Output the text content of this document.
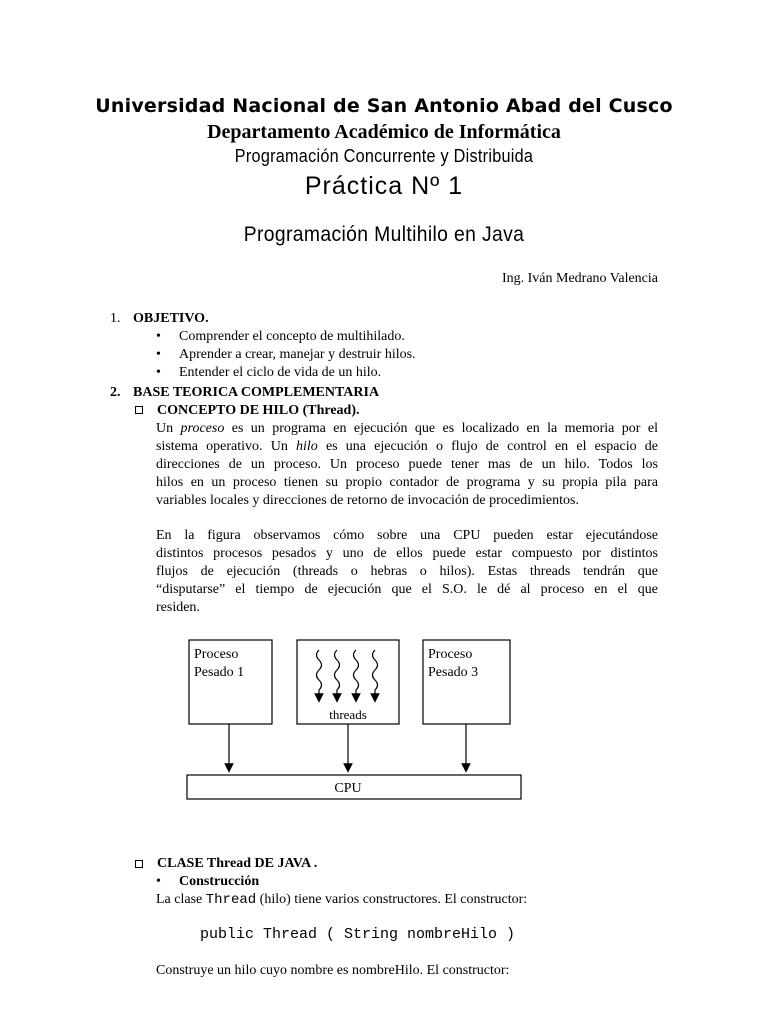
Universidad Nacional de San Antonio Abad del Cusco
Departamento Académico de Informática
Programación Concurrente y Distribuida
Práctica Nº 1
Programación Multihilo en Java
Ing. Iván Medrano Valencia
1. OBJETIVO.
• Comprender el concepto de multihilado.
• Aprender a crear, manejar y destruir hilos.
• Entender el ciclo de vida de un hilo.
2. BASE TEORICA COMPLEMENTARIA
CONCEPTO DE HILO (Thread).
Un proceso es un programa en ejecución que es localizado en la memoria por el
sistema operativo. Un hilo es una ejecución o flujo de control en el espacio de
direcciones de un proceso. Un proceso puede tener mas de un hilo. Todos los
hilos en un proceso tienen su propio contador de programa y su propia pila para
variables locales y direcciones de retorno de invocación de procedimientos.
En la figura observamos cómo sobre una CPU pueden estar ejecutándose
distintos procesos pesados y uno de ellos puede estar compuesto por distintos
flujos de ejecución (threads o hebras o hilos). Estas threads tendrán que
“disputarse” el tiempo de ejecución que el S.O. le dé al proceso en el que
residen.
Proceso
Pesado 1
threads
Proceso
Pesado 3
CPU
CLASE Thread DE JAVA .
• Construcción
La clase Thread (hilo) tiene varios constructores. El constructor:
public Thread ( String nombreHilo )
Construye un hilo cuyo nombre es nombreHilo. El constructor:
